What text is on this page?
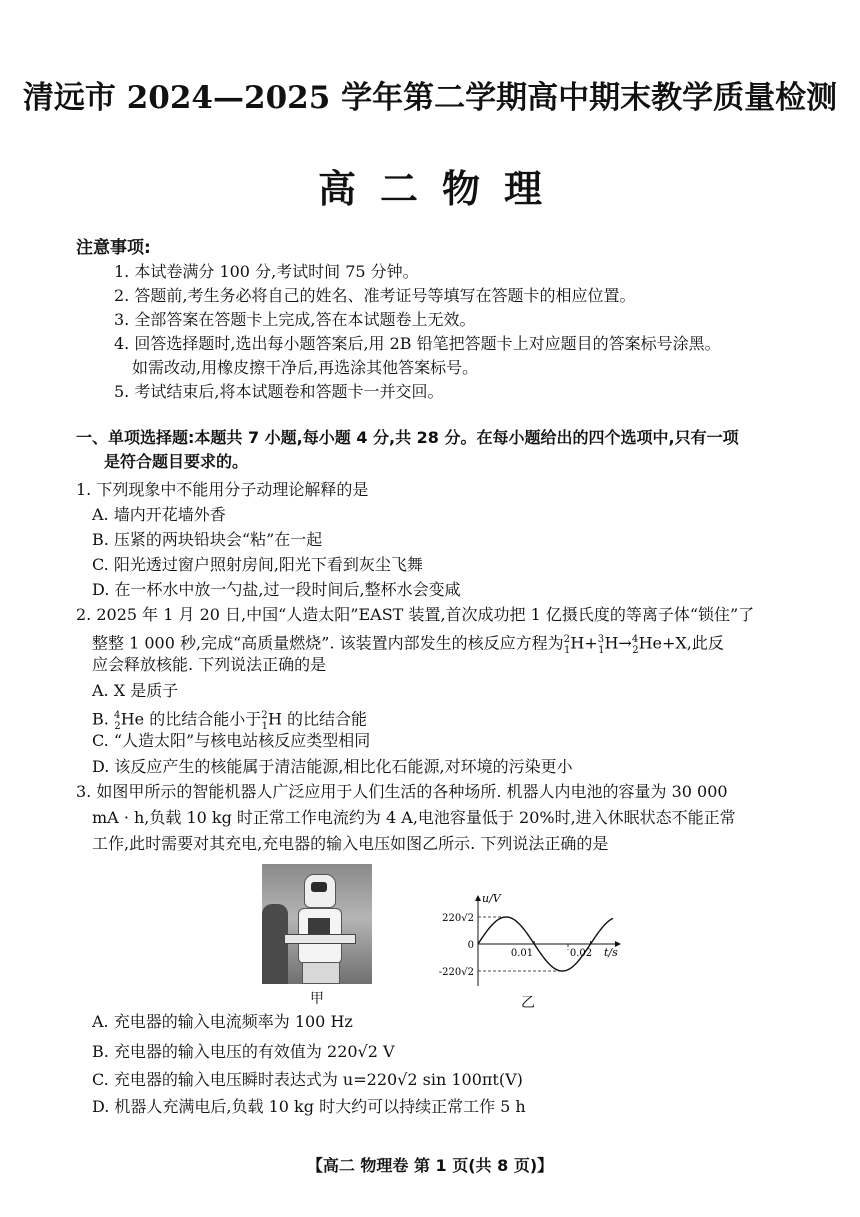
清远市 2024—2025 学年第二学期高中期末教学质量检测
高二物理
注意事项:
1. 本试卷满分 100 分,考试时间 75 分钟。
2. 答题前,考生务必将自己的姓名、准考证号等填写在答题卡的相应位置。
3. 全部答案在答题卡上完成,答在本试题卷上无效。
4. 回答选择题时,选出每小题答案后,用 2B 铅笔把答题卡上对应题目的答案标号涂黑。
如需改动,用橡皮擦干净后,再选涂其他答案标号。
5. 考试结束后,将本试题卷和答题卡一并交回。
一、单项选择题:本题共 7 小题,每小题 4 分,共 28 分。在每小题给出的四个选项中,只有一项
是符合题目要求的。
1. 下列现象中不能用分子动理论解释的是
A. 墙内开花墙外香
B. 压紧的两块铅块会“粘”在一起
C. 阳光透过窗户照射房间,阳光下看到灰尘飞舞
D. 在一杯水中放一勺盐,过一段时间后,整杯水会变咸
2. 2025 年 1 月 20 日,中国“人造太阳”EAST 装置,首次成功把 1 亿摄氏度的等离子体“锁住”了
整整 1 000 秒,完成“高质量燃烧”. 该装置内部发生的核反应方程为$^2_1$H+$^3_1$H→$^4_2$He+X,此反
应会释放核能. 下列说法正确的是
A. X 是质子
B. $^4_2$He 的比结合能小于$^2_1$H 的比结合能
C. “人造太阳”与核电站核反应类型相同
D. 该反应产生的核能属于清洁能源,相比化石能源,对环境的污染更小
3. 如图甲所示的智能机器人广泛应用于人们生活的各种场所. 机器人内电池的容量为 30 000
mA · h,负载 10 kg 时正常工作电流约为 4 A,电池容量低于 20%时,进入休眠状态不能正常
工作,此时需要对其充电,充电器的输入电压如图乙所示. 下列说法正确的是
甲
u/V
t/s
220√2
0
-220√2
0.01	0.02
乙
A. 充电器的输入电流频率为 100 Hz
B. 充电器的输入电压的有效值为 220√2 V
C. 充电器的输入电压瞬时表达式为 u=220√2 sin 100πt(V)
D. 机器人充满电后,负载 10 kg 时大约可以持续正常工作 5 h
【高二 物理卷 第 1 页(共 8 页)】
